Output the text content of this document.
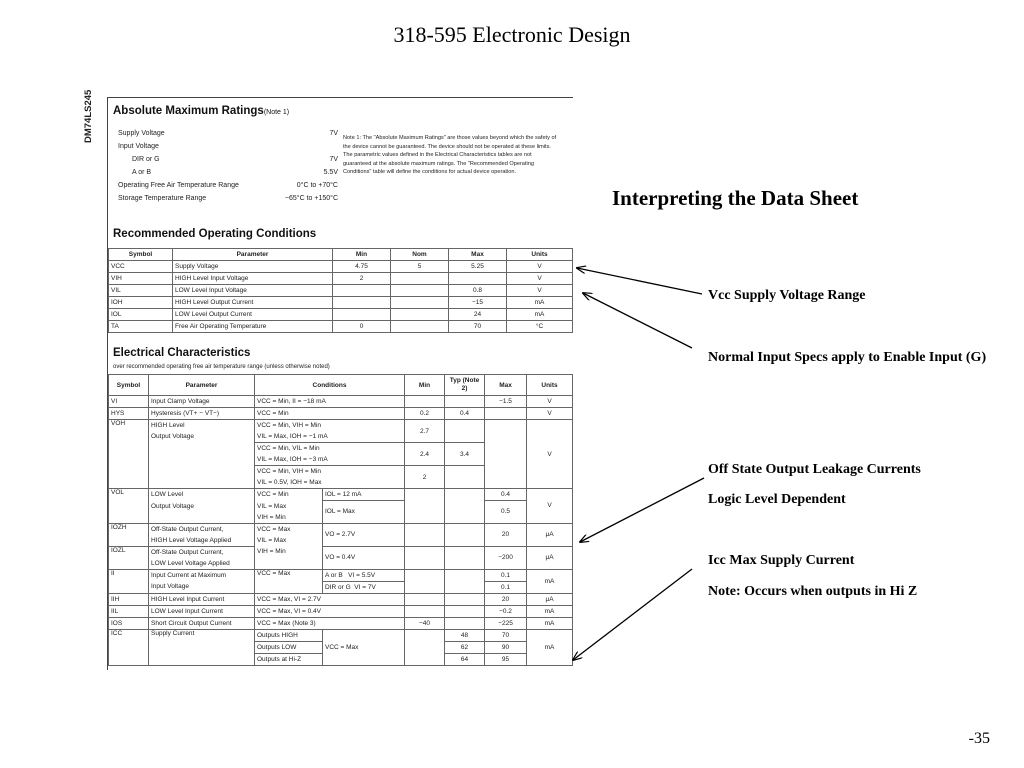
318-595 Electronic Design
DM74LS245 Absolute Maximum Ratings(Note 1)
Supply Voltage	7V
Input Voltage
DIR or G	7V
A or B	5.5V
Operating Free Air Temperature Range	0°C to +70°C
Storage Temperature Range	−65°C to +150°C
Note 1: The "Absolute Maximum Ratings" are those values beyond which the safety of the device cannot be guaranteed. The device should not be operated at these limits. The parametric values defined in the Electrical Characteristics tables are not guaranteed at the absolute maximum ratings. The "Recommended Operating Conditions" table will define the conditions for actual device operation.
Recommended Operating Conditions
Symbol	Parameter	Min	Nom	Max	Units
VCC	Supply Voltage	4.75	5	5.25	V
VIH	HIGH Level Input Voltage	2			V
VIL	LOW Level Input Voltage			0.8	V
IOH	HIGH Level Output Current			−15	mA
IOL	LOW Level Output Current			24	mA
TA	Free Air Operating Temperature	0		70	°C
Electrical Characteristics
over recommended operating free air temperature range (unless otherwise noted)
Symbol	Parameter	Conditions		Min	Typ (Note 2)	Max	Units
VI	Input Clamp Voltage	VCC = Min, II = −18 mA				−1.5	V
HYS	Hysteresis (VT+ − VT−)	VCC = Min		0.2	0.4		V
VOH	HIGH Level	VCC = Min, VIH = Min		2.7			V
	Output Voltage	VIL = Max, IOH = −1 mA					
		VCC = Min, VIL = Min		2.4	3.4		
		VIL = Max, IOH = −3 mA					
		VCC = Min, VIH = Min		2			
		VIL = 0.5V, IOH = Max					
VOL	LOW Level	VCC = Min	IOL = 12 mA			0.4	V
	Output Voltage	VIL = Max	IOL = Max			0.5	
		VIH = Min					
IOZH	Off-State Output Current,	VCC = Max	VO = 2.7V			20	μA
	HIGH Level Voltage Applied	VIL = Max					
IOZL	Off-State Output Current,	VIH = Min	VO = 0.4V			−200	μA
	LOW Level Voltage Applied						
II	Input Current at Maximum	VCC = Max	A or B VI = 5.5V			0.1	mA
	Input Voltage		DIR or G VI = 7V			0.1	
IIH	HIGH Level Input Current	VCC = Max, VI = 2.7V				20	μA
IIL	LOW Level Input Current	VCC = Max, VI = 0.4V				−0.2	mA
IOS	Short Circuit Output Current	VCC = Max (Note 3)		−40		−225	mA
ICC	Supply Current	Outputs HIGH	VCC = Max		48	70	mA
		Outputs LOW			62	90	
		Outputs at Hi-Z			64	95	
Interpreting the Data Sheet
Vcc Supply Voltage Range
Normal Input Specs apply to Enable Input (G)
Off State Output Leakage Currents
Logic Level Dependent
Icc Max Supply Current
Note: Occurs when outputs in Hi Z
-35
